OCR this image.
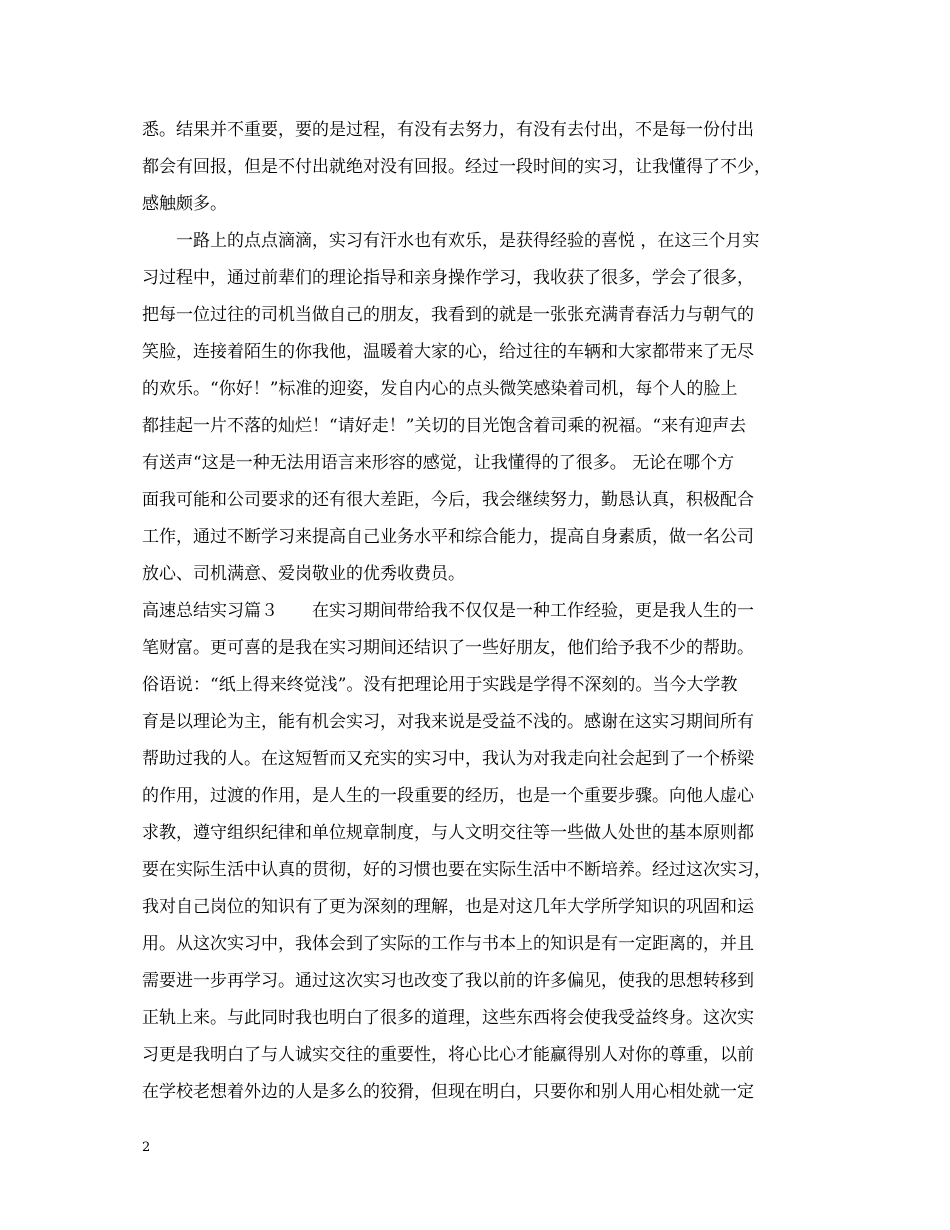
悉。结果并不重要，要的是过程，有没有去努力，有没有去付出，不是每一份付出
都会有回报，但是不付出就绝对没有回报。经过一段时间的实习，让我懂得了不少，
感触颇多。
　　一路上的点点滴滴，实习有汗水也有欢乐，是获得经验的喜悦 ，在这三个月实
习过程中，通过前辈们的理论指导和亲身操作学习，我收获了很多，学会了很多，
把每一位过往的司机当做自己的朋友，我看到的就是一张张充满青春活力与朝气的
笑脸，连接着陌生的你我他，温暖着大家的心，给过往的车辆和大家都带来了无尽
的欢乐。“你好！”标准的迎姿，发自内心的点头微笑感染着司机，每个人的脸上
都挂起一片不落的灿烂！“请好走！”关切的目光饱含着司乘的祝福。“来有迎声去
有送声“这是一种无法用语言来形容的感觉，让我懂得的了很多。 无论在哪个方
面我可能和公司要求的还有很大差距，今后，我会继续努力，勤恳认真，积极配合
工作，通过不断学习来提高自己业务水平和综合能力，提高自身素质，做一名公司
放心、司机满意、爱岗敬业的优秀收费员。
高速总结实习篇３　　在实习期间带给我不仅仅是一种工作经验，更是我人生的一
笔财富。更可喜的是我在实习期间还结识了一些好朋友，他们给予我不少的帮助。
俗语说：“纸上得来终觉浅”。没有把理论用于实践是学得不深刻的。当今大学教
育是以理论为主，能有机会实习，对我来说是受益不浅的。感谢在这实习期间所有
帮助过我的人。在这短暂而又充实的实习中，我认为对我走向社会起到了一个桥梁
的作用，过渡的作用，是人生的一段重要的经历，也是一个重要步骤。向他人虚心
求教，遵守组织纪律和单位规章制度，与人文明交往等一些做人处世的基本原则都
要在实际生活中认真的贯彻，好的习惯也要在实际生活中不断培养。经过这次实习，
我对自己岗位的知识有了更为深刻的理解，也是对这几年大学所学知识的巩固和运
用。从这次实习中，我体会到了实际的工作与书本上的知识是有一定距离的，并且
需要进一步再学习。通过这次实习也改变了我以前的许多偏见，使我的思想转移到
正轨上来。与此同时我也明白了很多的道理，这些东西将会使我受益终身。这次实
习更是我明白了与人诚实交往的重要性，将心比心才能赢得别人对你的尊重，以前
在学校老想着外边的人是多么的狡猾，但现在明白，只要你和别人用心相处就一定
2
